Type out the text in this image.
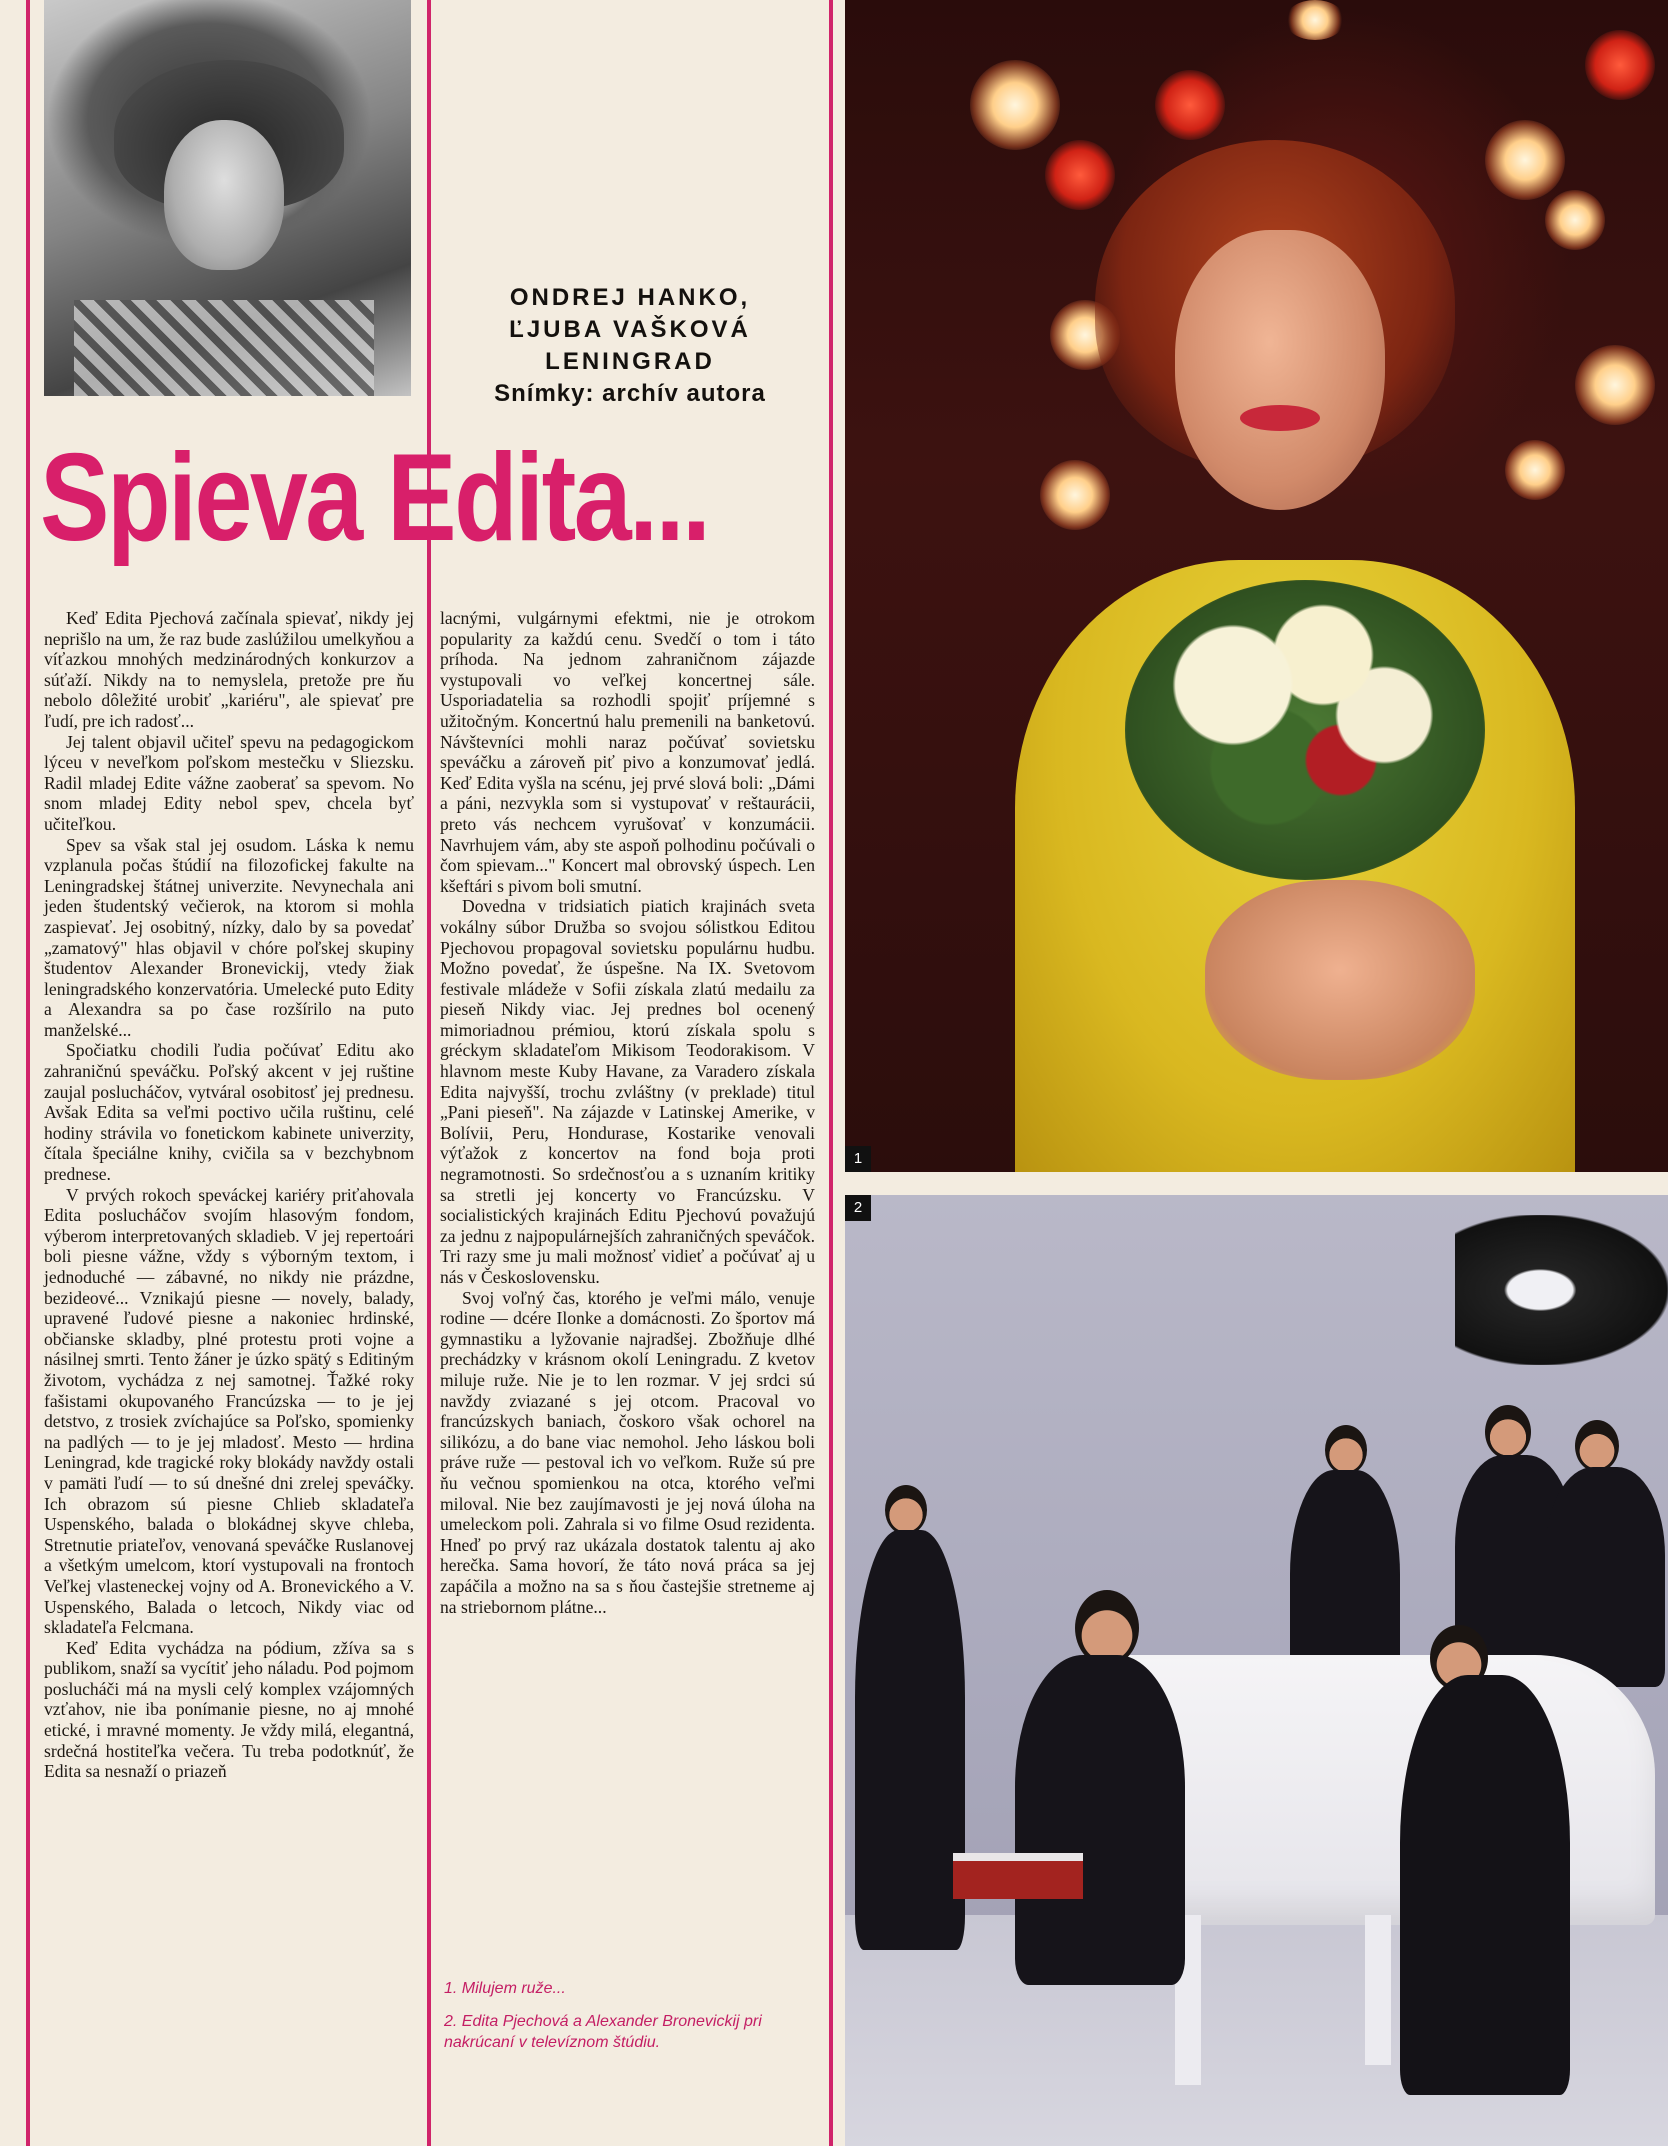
ONDREJ HANKO,
ĽJUBA VAŠKOVÁ
LENINGRAD
Snímky: archív autora
Spieva Edita...

Keď Edita Pjechová začínala spievať, nikdy jej neprišlo na um, že raz bude zaslúžilou umelkyňou a víťazkou mnohých medzinárodných konkurzov a súťaží. Nikdy na to nemyslela, pretože pre ňu nebolo dôležité urobiť „kariéru", ale spievať pre ľudí, pre ich radosť...

Jej talent objavil učiteľ spevu na pedagogickom lýceu v neveľkom poľskom mestečku v Sliezsku. Radil mladej Edite vážne zaoberať sa spevom. No snom mladej Edity nebol spev, chcela byť učiteľkou.

Spev sa však stal jej osudom. Láska k nemu vzplanula počas štúdií na filozofickej fakulte na Leningradskej štátnej univerzite. Nevynechala ani jeden študentský večierok, na ktorom si mohla zaspievať. Jej osobitný, nízky, dalo by sa povedať „zamatový" hlas objavil v chóre poľskej skupiny študentov Alexander Bronevickij, vtedy žiak leningradského konzervatória. Umelecké puto Edity a Alexandra sa po čase rozšírilo na puto manželské...

Spočiatku chodili ľudia počúvať Editu ako zahraničnú speváčku. Poľský akcent v jej ruštine zaujal poslucháčov, vytváral osobitosť jej prednesu. Avšak Edita sa veľmi poctivo učila ruštinu, celé hodiny strávila vo fonetickom kabinete univerzity, čítala špeciálne knihy, cvičila sa v bezchybnom prednese.

V prvých rokoch speváckej kariéry priťahovala Edita poslucháčov svojím hlasovým fondom, výberom interpretovaných skladieb. V jej repertoári boli piesne vážne, vždy s výborným textom, i jednoduché — zábavné, no nikdy nie prázdne, bezideové... Vznikajú piesne — novely, balady, upravené ľudové piesne a nakoniec hrdinské, občianske skladby, plné protestu proti vojne a násilnej smrti. Tento žáner je úzko spätý s Editiným životom, vychádza z nej samotnej. Ťažké roky fašistami okupovaného Francúzska — to je jej detstvo, z trosiek zvíchajúce sa Poľsko, spomienky na padlých — to je jej mladosť. Mesto — hrdina Leningrad, kde tragické roky blokády navždy ostali v pamäti ľudí — to sú dnešné dni zrelej speváčky. Ich obrazom sú piesne Chlieb skladateľa Uspenského, balada o blokádnej skyve chleba, Stretnutie priateľov, venovaná speváčke Ruslanovej a všetkým umelcom, ktorí vystupovali na frontoch Veľkej vlasteneckej vojny od A. Bronevického a V. Uspenského, Balada o letcoch, Nikdy viac od skladateľa Felcmana.

Keď Edita vychádza na pódium, zžíva sa s publikom, snaží sa vycítiť jeho náladu. Pod pojmom poslucháči má na mysli celý komplex vzájomných vzťahov, nie iba ponímanie piesne, no aj mnohé etické, i mravné momenty. Je vždy milá, elegantná, srdečná hostiteľka večera. Tu treba podotknúť, že Edita sa nesnaží o priazeň

lacnými, vulgárnymi efektmi, nie je otrokom popularity za každú cenu. Svedčí o tom i táto príhoda. Na jednom zahraničnom zájazde vystupovali vo veľkej koncertnej sále. Usporiadatelia sa rozhodli spojiť príjemné s užitočným. Koncertnú halu premenili na banketovú. Návštevníci mohli naraz počúvať sovietsku speváčku a zároveň piť pivo a konzumovať jedlá. Keď Edita vyšla na scénu, jej prvé slová boli: „Dámi a páni, nezvykla som si vystupovať v reštaurácii, preto vás nechcem vyrušovať v konzumácii. Navrhujem vám, aby ste aspoň polhodinu počúvali o čom spievam..." Koncert mal obrovský úspech. Len kšeftári s pivom boli smutní.

Dovedna v tridsiatich piatich krajinách sveta vokálny súbor Družba so svojou sólistkou Editou Pjechovou propagoval sovietsku populárnu hudbu. Možno povedať, že úspešne. Na IX. Svetovom festivale mládeže v Sofii získala zlatú medailu za pieseň Nikdy viac. Jej prednes bol ocenený mimoriadnou prémiou, ktorú získala spolu s gréckym skladateľom Mikisom Teodorakisom. V hlavnom meste Kuby Havane, za Varadero získala Edita najvyšší, trochu zvláštny (v preklade) titul „Pani pieseň". Na zájazde v Latinskej Amerike, v Bolívii, Peru, Hondurase, Kostarike venovali výťažok z koncertov na fond boja proti negramotnosti. So srdečnosťou a s uznaním kritiky sa stretli jej koncerty vo Francúzsku. V socialistických krajinách Editu Pjechovú považujú za jednu z najpopulárnejších zahraničných speváčok. Tri razy sme ju mali možnosť vidieť a počúvať aj u nás v Československu.

Svoj voľný čas, ktorého je veľmi málo, venuje rodine — dcére Ilonke a domácnosti. Zo športov má gymnastiku a lyžovanie najradšej. Zbožňuje dlhé prechádzky v krásnom okolí Leningradu. Z kvetov miluje ruže. Nie je to len rozmar. V jej srdci sú navždy zviazané s jej otcom. Pracoval vo francúzskych baniach, čoskoro však ochorel na silikózu, a do bane viac nemohol. Jeho láskou boli práve ruže — pestoval ich vo veľkom. Ruže sú pre ňu večnou spomienkou na otca, ktorého veľmi miloval. Nie bez zaujímavosti je jej nová úloha na umeleckom poli. Zahrala si vo filme Osud rezidenta. Hneď po prvý raz ukázala dostatok talentu aj ako herečka. Sama hovorí, že táto nová práca sa jej zapáčila a možno na sa s ňou častejšie stretneme aj na striebornom plátne...

1. Milujem ruže...

2. Edita Pjechová a Alexander Bronevickij pri nakrúcaní v televíznom štúdiu.

1
2
